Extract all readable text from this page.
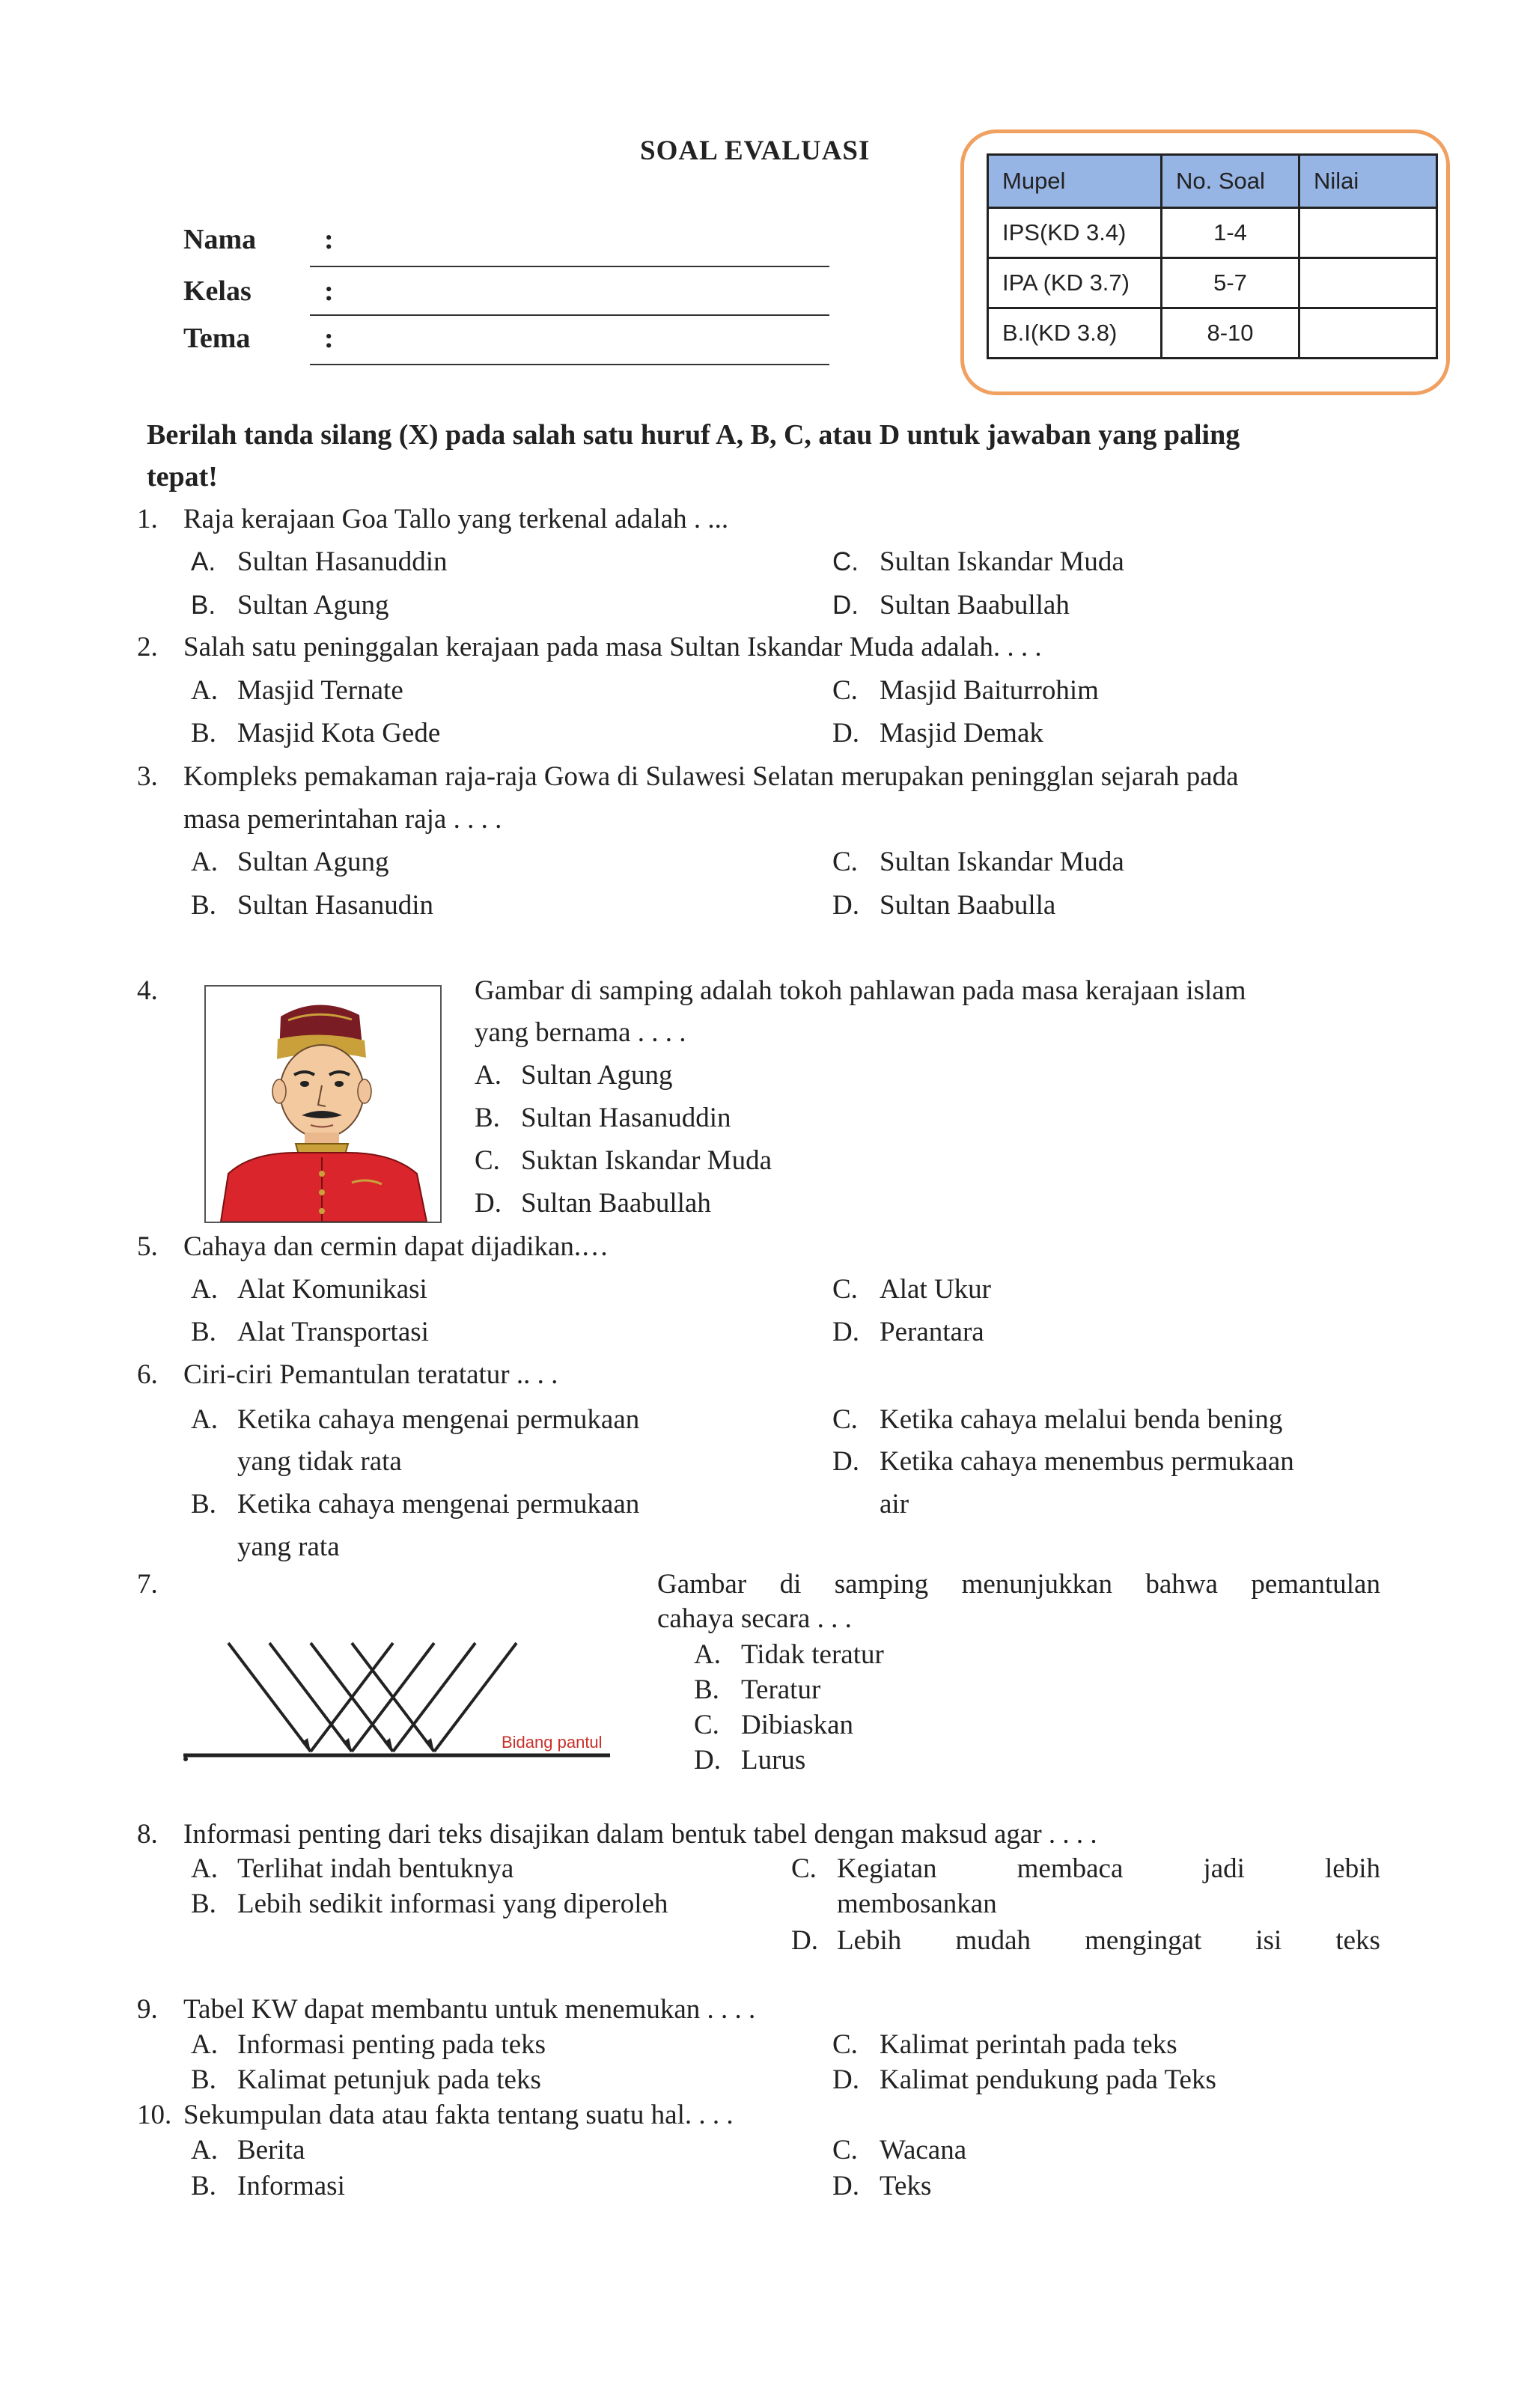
SOAL EVALUASI
Nama :
Kelas	:
Tema	:
Mupel	No. Soal	Nilai
IPS(KD 3.4)	1-4	
IPA (KD 3.7)	5-7	
B.I(KD 3.8)	8-10	
Berilah tanda silang (X) pada salah satu huruf A, B, C, atau D untuk jawaban yang paling
tepat!
1. Raja kerajaan Goa Tallo yang terkenal adalah . ...
A. Sultan Hasanuddin
B. Sultan Agung
C. Sultan Iskandar Muda
D. Sultan Baabullah
2. Salah satu peninggalan kerajaan pada masa Sultan Iskandar Muda adalah. . . .
A. Masjid Ternate
B. Masjid Kota Gede
C. Masjid Baiturrohim
D. Masjid Demak
3. Kompleks pemakaman raja-raja Gowa di Sulawesi Selatan merupakan peningglan sejarah pada
masa pemerintahan raja . . . .
A. Sultan Agung
B. Sultan Hasanudin
C. Sultan Iskandar Muda
D. Sultan Baabulla
4.	Gambar di samping adalah tokoh pahlawan pada masa kerajaan islam
yang bernama . . . .
A. Sultan Agung
B. Sultan Hasanuddin
C. Suktan Iskandar Muda
D. Sultan Baabullah
5. Cahaya dan cermin dapat dijadikan.…
A. Alat Komunikasi
B. Alat Transportasi
C. Alat Ukur
D. Perantara
6. Ciri-ciri Pemantulan teratatur .. . .
A. Ketika cahaya mengenai permukaan
yang tidak rata
B. Ketika cahaya mengenai permukaan
yang rata
C. Ketika cahaya melalui benda bening
D. Ketika cahaya menembus permukaan
air
7.
Bidang pantul
Gambar di samping menunjukkan bahwa pemantulan
cahaya secara . . .
A. Tidak teratur
B. Teratur
C. Dibiaskan
D. Lurus
8. Informasi penting dari teks disajikan dalam bentuk tabel dengan maksud agar . . . .
A. Terlihat indah bentuknya
B. Lebih sedikit informasi yang diperoleh
C. Kegiatan	membaca	jadi	lebih
membosankan
D. Lebih mudah mengingat isi teks
9. Tabel KW dapat membantu untuk menemukan . . . .
A. Informasi penting pada teks
B. Kalimat petunjuk pada teks
C. Kalimat perintah pada teks
D. Kalimat pendukung pada Teks
10. Sekumpulan data atau fakta tentang suatu hal. . . .
A. Berita
B. Informasi
C. Wacana
D. Teks
